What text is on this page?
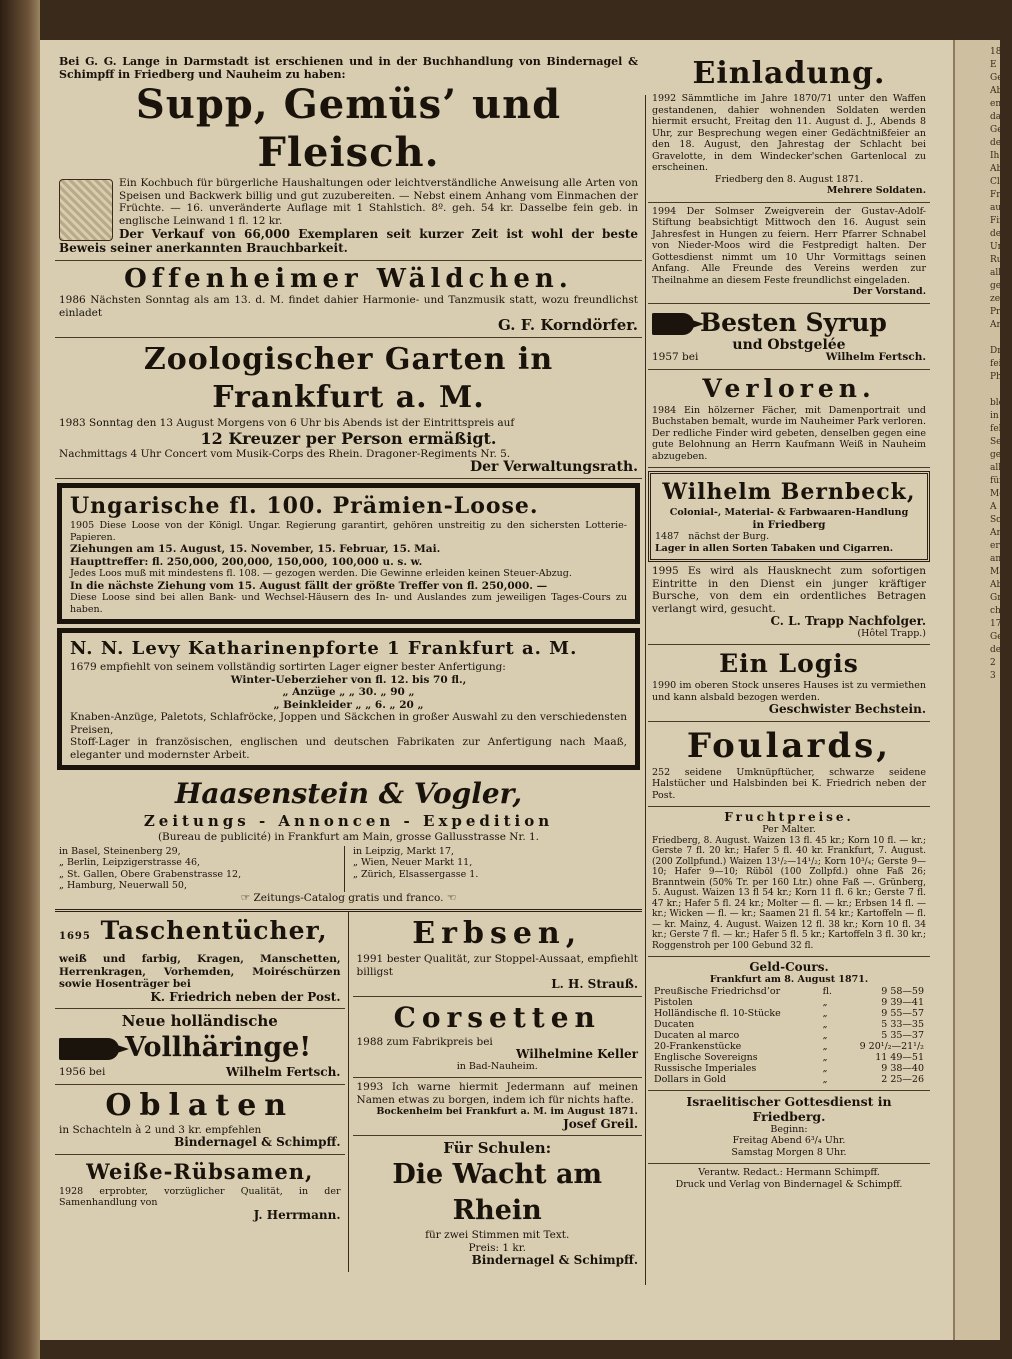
18
E
Gen
Ab
entf
das
Ge
den
Ih
Ab
Cl
Fr
aus
Fin
der
Un
Ru
alle
ges
zeit
Pr
An
Dr.
fein
Phi
ble
in
fehl
Seh
gebr
alle
für
Mo
A
Sch
Anl
erfo
an
Mai
Ab
Gr
chen
17
Ge
der
2
3

Bei G. G. Lange in Darmstadt ist erschienen und in der Buchhandlung von Bindernagel & Schimpff in Friedberg und Nauheim zu haben:

Supp, Gemüs’ und Fleisch.

Ein Kochbuch für bürgerliche Haushaltungen oder leichtverständliche Anweisung alle Arten von Speisen und Backwerk billig und gut zuzubereiten. — Nebst einem Anhang vom Einmachen der Früchte. — 16. unveränderte Auflage mit 1 Stahlstich. 8º. geh. 54 kr. Dasselbe fein geb. in englische Leinwand 1 fl. 12 kr.

Der Verkauf von 66,000 Exemplaren seit kurzer Zeit ist wohl der beste Beweis seiner anerkannten Brauchbarkeit.

Offenheimer Wäldchen.

1986 Nächsten Sonntag als am 13. d. M. findet dahier Harmonie- und Tanzmusik statt, wozu freundlichst einladet

G. F. Korndörfer.

Zoologischer Garten in Frankfurt a. M.

1983 Sonntag den 13 August Morgens von 6 Uhr bis Abends ist der Eintrittspreis auf

12 Kreuzer per Person ermäßigt.

Nachmittags 4 Uhr Concert vom Musik-Corps des Rhein. Dragoner-Regiments Nr. 5.

Der Verwaltungsrath.

Ungarische fl. 100. Prämien-Loose.

1905 Diese Loose von der Königl. Ungar. Regierung garantirt, gehören unstreitig zu den sichersten Lotterie-Papieren.

Ziehungen am 15. August, 15. November, 15. Februar, 15. Mai.

Haupttreffer: fl. 250,000, 200,000, 150,000, 100,000 u. s. w.

Jedes Loos muß mit mindestens fl. 108. — gezogen werden. Die Gewinne erleiden keinen Steuer-Abzug.

In die nächste Ziehung vom 15. August fällt der größte Treffer von fl. 250,000. —

Diese Loose sind bei allen Bank- und Wechsel-Häusern des In- und Auslandes zum jeweiligen Tages-Cours zu haben.

N. N. Levy Katharinenpforte 1 Frankfurt a. M.

1679 empfiehlt von seinem vollständig sortirten Lager eigner bester Anfertigung:

Winter-Ueberzieher von fl. 12. bis 70 fl.,

„ Anzüge „ „ 30. „ 90 „

„ Beinkleider „ „ 6. „ 20 „

Knaben-Anzüge, Paletots, Schlafröcke, Joppen und Säckchen in großer Auswahl zu den verschiedensten Preisen,

Stoff-Lager in französischen, englischen und deutschen Fabrikaten zur Anfertigung nach Maaß, eleganter und modernster Arbeit.

Haasenstein & Vogler,
Zeitungs - Annoncen - Expedition

(Bureau de publicité) in Frankfurt am Main, grosse Gallusstrasse Nr. 1.

in Basel, Steinenberg 29,

„ Berlin, Leipzigerstrasse 46,

„ St. Gallen, Obere Grabenstrasse 12,

„ Hamburg, Neuerwall 50,

in Leipzig, Markt 17,

„ Wien, Neuer Markt 11,

„ Zürich, Elsassergasse 1.

☞ Zeitungs-Catalog gratis und franco. ☜

1695 Taschentücher,

weiß und farbig, Kragen, Manschetten, Herrenkragen, Vorhemden, Moiréschürzen sowie Hosenträger bei

K. Friedrich neben der Post.

Neue holländische
Vollhäringe!

1956 bei	Wilhelm Fertsch.

Oblaten

in Schachteln à 2 und 3 kr. empfehlen

Bindernagel & Schimpff.

Weiße-Rübsamen,

1928 erprobter, vorzüglicher Qualität, in der Samenhandlung von

J. Herrmann.

Erbsen,

1991 bester Qualität, zur Stoppel-Aussaat, empfiehlt billigst

L. H. Strauß.

Corsetten

1988 zum Fabrikpreis bei

Wilhelmine Keller

in Bad-Nauheim.

1993 Ich warne hiermit Jedermann auf meinen Namen etwas zu borgen, indem ich für nichts hafte.

Bockenheim bei Frankfurt a. M. im August 1871.

Josef Greil.

Für Schulen:
Die Wacht am Rhein

für zwei Stimmen mit Text.

Preis: 1 kr.

Bindernagel & Schimpff.

Einladung.

1992 Sämmtliche im Jahre 1870/71 unter den Waffen gestandenen, dahier wohnenden Soldaten werden hiermit ersucht, Freitag den 11. August d. J., Abends 8 Uhr, zur Besprechung wegen einer Gedächtnißfeier an den 18. August, den Jahrestag der Schlacht bei Gravelotte, in dem Windecker'schen Gartenlocal zu erscheinen.

Friedberg den 8. August 1871.

Mehrere Soldaten.

1994 Der Solmser Zweigverein der Gustav-Adolf-Stiftung beabsichtigt Mittwoch den 16. August sein Jahresfest in Hungen zu feiern. Herr Pfarrer Schnabel von Nieder-Moos wird die Festpredigt halten. Der Gottesdienst nimmt um 10 Uhr Vormittags seinen Anfang. Alle Freunde des Vereins werden zur Theilnahme an diesem Feste freundlichst eingeladen.

Der Vorstand.

Besten Syrup

und Obstgelée

1957 bei	Wilhelm Fertsch.

Verloren.

1984 Ein hölzerner Fächer, mit Damenportrait und Buchstaben bemalt, wurde im Nauheimer Park verloren. Der redliche Finder wird gebeten, denselben gegen eine gute Belohnung an Herrn Kaufmann Weiß in Nauheim abzugeben.

Wilhelm Bernbeck,

Colonial-, Material- & Farbwaaren-Handlung

in Friedberg

1487 nächst der Burg.

Lager in allen Sorten Tabaken und Cigarren.

1995 Es wird als Hausknecht zum sofortigen Eintritte in den Dienst ein junger kräftiger Bursche, von dem ein ordentliches Betragen verlangt wird, gesucht.

C. L. Trapp Nachfolger.

(Hôtel Trapp.)

Ein Logis

1990 im oberen Stock unseres Hauses ist zu vermiethen und kann alsbald bezogen werden.

Geschwister Bechstein.

Foulards,

252 seidene Umknüpftücher, schwarze seidene Halstücher und Halsbinden bei K. Friedrich neben der Post.

Fruchtpreise.

Per Malter.

Friedberg, 8. August. Waizen 13 fl. 45 kr.; Korn 10 fl. — kr.; Gerste 7 fl. 20 kr.; Hafer 5 fl. 40 kr. Frankfurt, 7. August. (200 Zollpfund.) Waizen 13¹/₂—14¹/₂; Korn 10³/₄; Gerste 9—10; Hafer 9—10; Rüböl (100 Zollpfd.) ohne Faß 26; Branntwein (50% Tr. per 160 Ltr.) ohne Faß —. Grünberg, 5. August. Waizen 13 fl 54 kr.; Korn 11 fl. 6 kr.; Gerste 7 fl. 47 kr.; Hafer 5 fl. 24 kr.; Molter — fl. — kr.; Erbsen 14 fl. — kr.; Wicken — fl. — kr.; Saamen 21 fl. 54 kr.; Kartoffeln — fl. — kr. Mainz, 4. August. Waizen 12 fl. 38 kr.; Korn 10 fl. 34 kr.; Gerste 7 fl. — kr.; Hafer 5 fl. 5 kr.; Kartoffeln 3 fl. 30 kr.; Roggenstroh per 100 Gebund 32 fl.

Geld-Cours.

Frankfurt am 8. August 1871.

Preußische Friedrichsd’or	fl.	9 58—59
Pistolen	„	9 39—41
Holländische fl. 10-Stücke	„	9 55—57
Ducaten	„	5 33—35
Ducaten al marco	„	5 35—37
20-Frankenstücke	„	9 20¹/₂—21¹/₂
Englische Sovereigns	„	11 49—51
Russische Imperiales	„	9 38—40
Dollars in Gold	„	2 25—26
Israelitischer Gottesdienst in Friedberg.

Beginn:

Freitag Abend 6³/₄ Uhr.

Samstag Morgen 8 Uhr.

Verantw. Redact.: Hermann Schimpff.

Druck und Verlag von Bindernagel & Schimpff.
